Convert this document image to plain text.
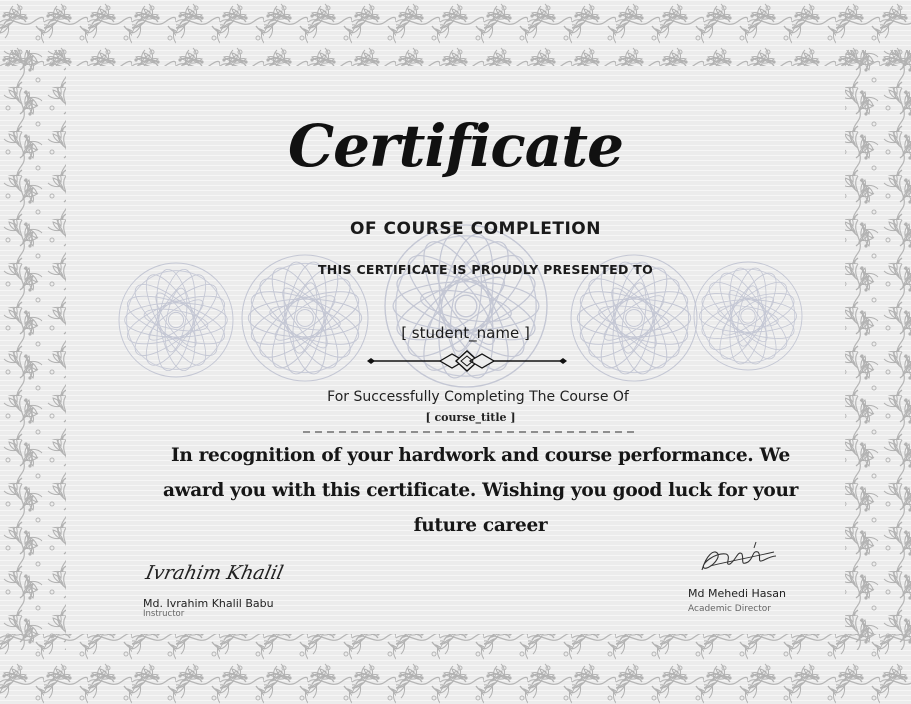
Certificate
OF COURSE COMPLETION
THIS CERTIFICATE IS PROUDLY PRESENTED TO
[ student_name ]
For Successfully Completing The Course Of
[ course_title ]
In recognition of your hardwork and course performance. We award you with this certificate. Wishing you good luck for your future career
Ivrahim Khalil
Md. Ivrahim Khalil Babu
Instructor
Md Mehedi Hasan
Academic Director
